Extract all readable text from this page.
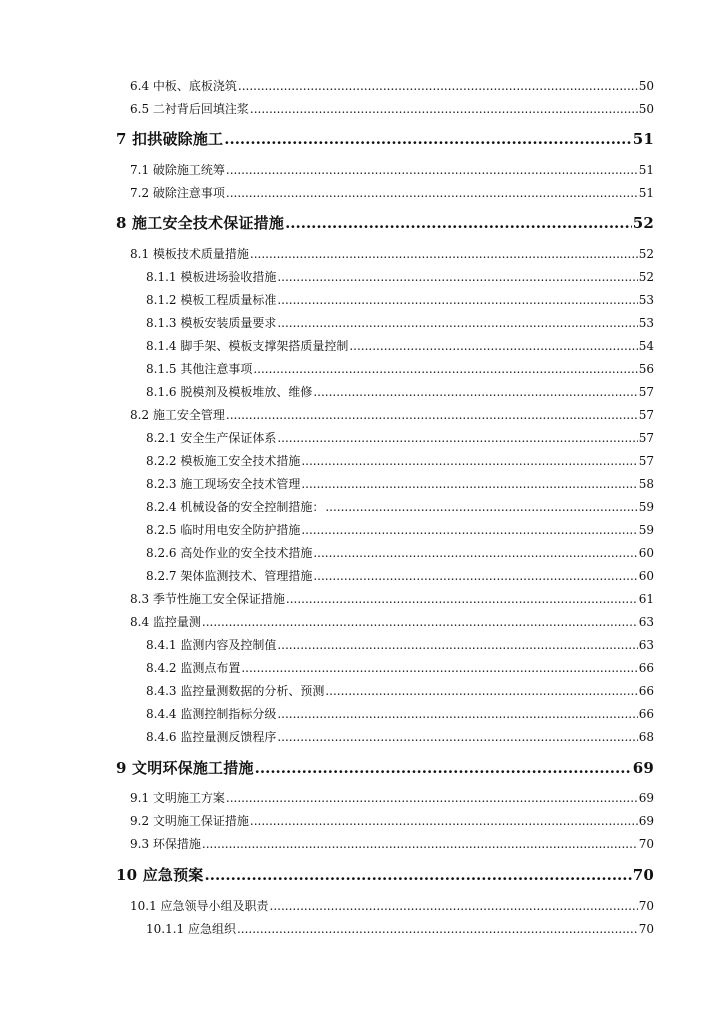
6.4 中板、底板浇筑 .....	50
6.5 二衬背后回填注浆 .....	50
7 扣拱破除施工 .....	51
7.1 破除施工统筹 .....	51
7.2 破除注意事项 .....	51
8 施工安全技术保证措施 .....	52
8.1 模板技术质量措施 .....	52
8.1.1 模板进场验收措施 .....	52
8.1.2 模板工程质量标准 .....	53
8.1.3 模板安装质量要求 .....	53
8.1.4 脚手架、模板支撑架搭质量控制 .....	54
8.1.5 其他注意事项 .....	56
8.1.6 脱模剂及模板堆放、维修 .....	57
8.2 施工安全管理 .....	57
8.2.1 安全生产保证体系 .....	57
8.2.2 模板施工安全技术措施 .....	57
8.2.3 施工现场安全技术管理 .....	58
8.2.4 机械设备的安全控制措施： .....	59
8.2.5 临时用电安全防护措施 .....	59
8.2.6 高处作业的安全技术措施 .....	60
8.2.7 架体监测技术、管理措施 .....	60
8.3 季节性施工安全保证措施 .....	61
8.4 监控量测 .....	63
8.4.1 监测内容及控制值 .....	63
8.4.2 监测点布置 .....	66
8.4.3 监控量测数据的分析、预测 .....	66
8.4.4 监测控制指标分级 .....	66
8.4.6 监控量测反馈程序 .....	68
9 文明环保施工措施 .....	69
9.1 文明施工方案 .....	69
9.2 文明施工保证措施 .....	69
9.3 环保措施 .....	70
10 应急预案 .....	70
10.1 应急领导小组及职责 .....	70
10.1.1 应急组织 .....	70
